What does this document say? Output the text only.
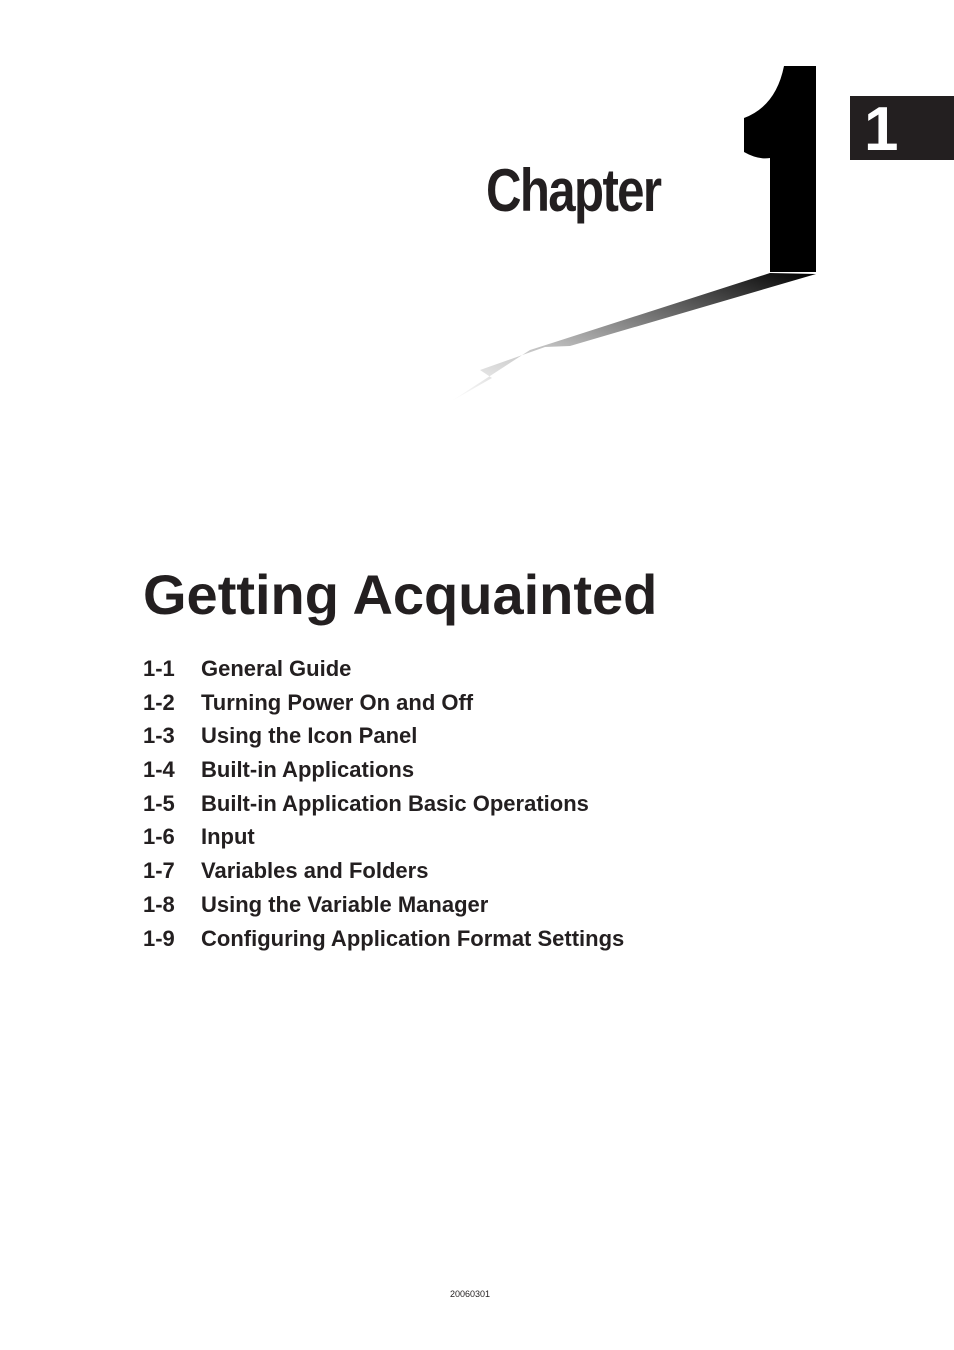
1
Chapter
Getting Acquainted
1-1 General Guide
1-2 Turning Power On and Off
1-3 Using the Icon Panel
1-4 Built-in Applications
1-5 Built-in Application Basic Operations
1-6 Input
1-7 Variables and Folders
1-8 Using the Variable Manager
1-9 Configuring Application Format Settings
20060301
